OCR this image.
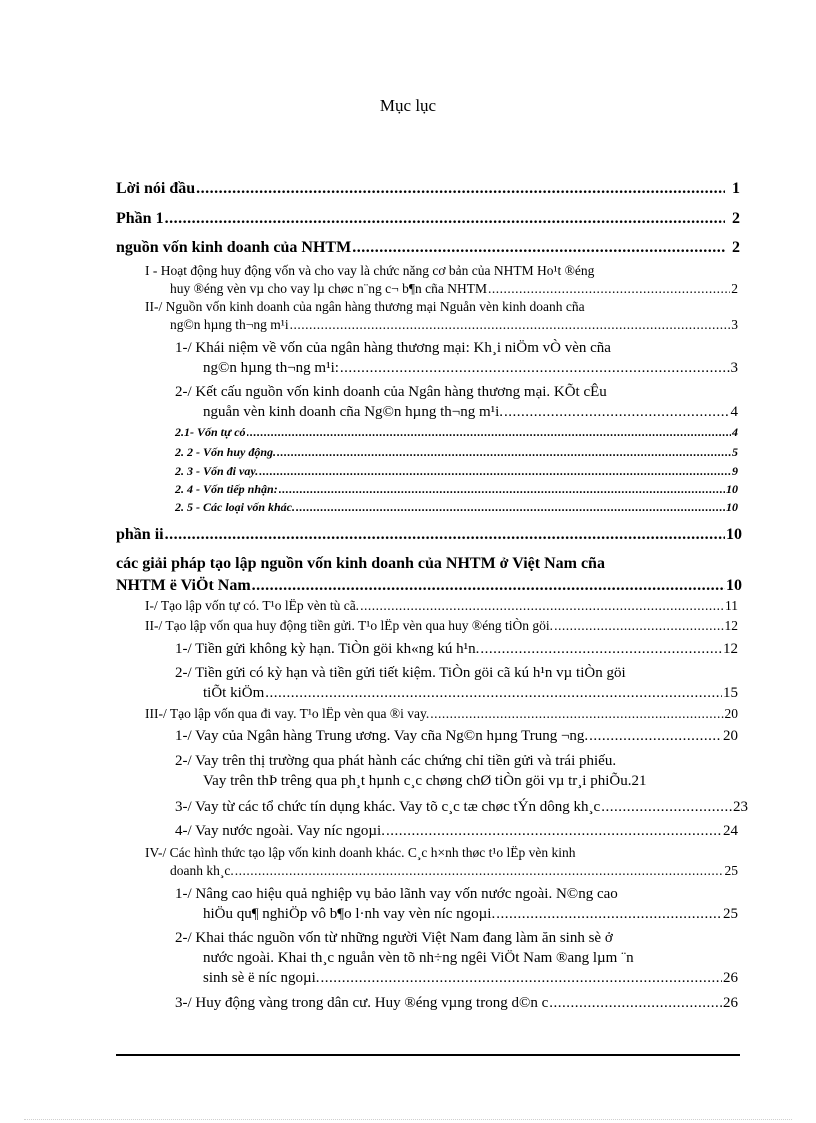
Mục lục
Lời nói đầu .....	1
Phần 1 .....	2
nguồn vốn kinh doanh của NHTM .....	2
I - Hoạt động huy động vốn và cho vay là chức năng cơ bản của NHTM Ho¹t ®éng
huy ®éng vèn vµ cho vay lµ chøc n¨ng c¬ b¶n cña NHTM .....	2
II-/ Nguồn vốn kinh doanh của ngân hàng thương mại Nguån vèn kinh doanh cña
ng©n hµng th¬ng m¹i .....	3
1-/ Khái niệm về vốn của ngân hàng thương mại: Kh¸i niÖm vÒ vèn cña
ng©n hµng th¬ng m¹i: .....	3
2-/ Kết cấu nguồn vốn kinh doanh của Ngân hàng thương mại. KÕt cÊu
nguån vèn kinh doanh cña Ng©n hµng th¬ng m¹i. .....	4
2.1- Vốn tự có .....	4
2. 2 - Vốn huy động. .....	5
2. 3 - Vốn đi vay. .....	9
2. 4 - Vốn tiếp nhận: .....	10
2. 5 - Các loại vốn khác. .....	10
phần ii .....	10
các giải pháp tạo lập nguồn vốn kinh doanh của NHTM ở Việt Nam cña
NHTM ë ViÖt Nam .....	10
I-/ Tạo lập vốn tự có. T¹o lËp vèn tù cã. .....	11
II-/ Tạo lập vốn qua huy động tiền gửi. T¹o lËp vèn qua huy ®éng tiÒn göi. .....	12
1-/ Tiền gửi không kỳ hạn. TiÒn göi kh«ng kú h¹n. .....	12
2-/ Tiền gửi có kỳ hạn và tiền gửi tiết kiệm. TiÒn göi cã kú h¹n vµ tiÒn göi
tiÕt kiÖm .....	15
III-/ Tạo lập vốn qua đi vay. T¹o lËp vèn qua ®i vay. .....	20
1-/ Vay của Ngân hàng Trung ương. Vay cña Ng©n hµng Trung ¬ng. .....	20
2-/ Vay trên thị trường qua phát hành các chứng chỉ tiền gửi và trái phiếu.
Vay trên thÞ trêng qua ph¸t hµnh c¸c chøng chØ tiÒn göi vµ tr¸i phiÕu. 21
3-/ Vay từ các tổ chức tín dụng khác. Vay tõ c¸c tæ chøc tÝn dông kh¸c .....	23
4-/ Vay nước ngoài. Vay níc ngoµi. .....	24
IV-/ Các hình thức tạo lập vốn kinh doanh khác. C¸c h×nh thøc t¹o lËp vèn kinh
doanh kh¸c. .....	25
1-/ Nâng cao hiệu quả nghiệp vụ bảo lãnh vay vốn nước ngoài. N©ng cao
hiÖu qu¶ nghiÖp vô b¶o l·nh vay vèn níc ngoµi. .....	25
2-/ Khai thác nguồn vốn từ những người Việt Nam đang làm ăn sinh sè ở
nước ngoài. Khai th¸c nguån vèn tõ nh÷ng ngêi ViÖt Nam ®ang lµm ¨n
sinh sè ë níc ngoµi. .....	26
3-/ Huy động vàng trong dân cư. Huy ®éng vµng trong d©n c .....	26
